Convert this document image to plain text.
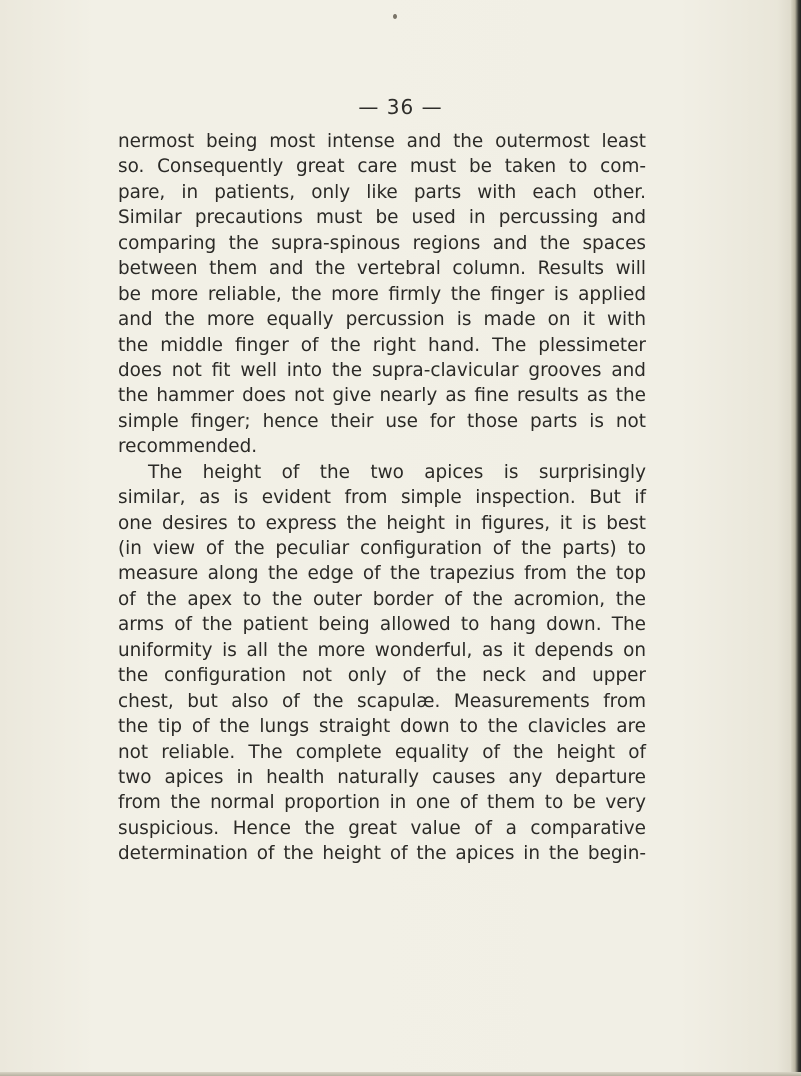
— 36 —
nermost being most intense and the outermost least
so. Consequently great care must be taken to com-
pare, in patients, only like parts with each other.
Similar precautions must be used in percussing and
comparing the supra-spinous regions and the spaces
between them and the vertebral column. Results will
be more reliable, the more firmly the finger is applied
and the more equally percussion is made on it with
the middle finger of the right hand. The plessimeter
does not fit well into the supra-clavicular grooves and
the hammer does not give nearly as fine results as the
simple finger; hence their use for those parts is not
recommended.
The height of the two apices is surprisingly
similar, as is evident from simple inspection. But if
one desires to express the height in figures, it is best
(in view of the peculiar configuration of the parts) to
measure along the edge of the trapezius from the top
of the apex to the outer border of the acromion, the
arms of the patient being allowed to hang down. The
uniformity is all the more wonderful, as it depends on
the configuration not only of the neck and upper
chest, but also of the scapulæ. Measurements from
the tip of the lungs straight down to the clavicles are
not reliable. The complete equality of the height of
two apices in health naturally causes any departure
from the normal proportion in one of them to be very
suspicious. Hence the great value of a comparative
determination of the height of the apices in the begin-
